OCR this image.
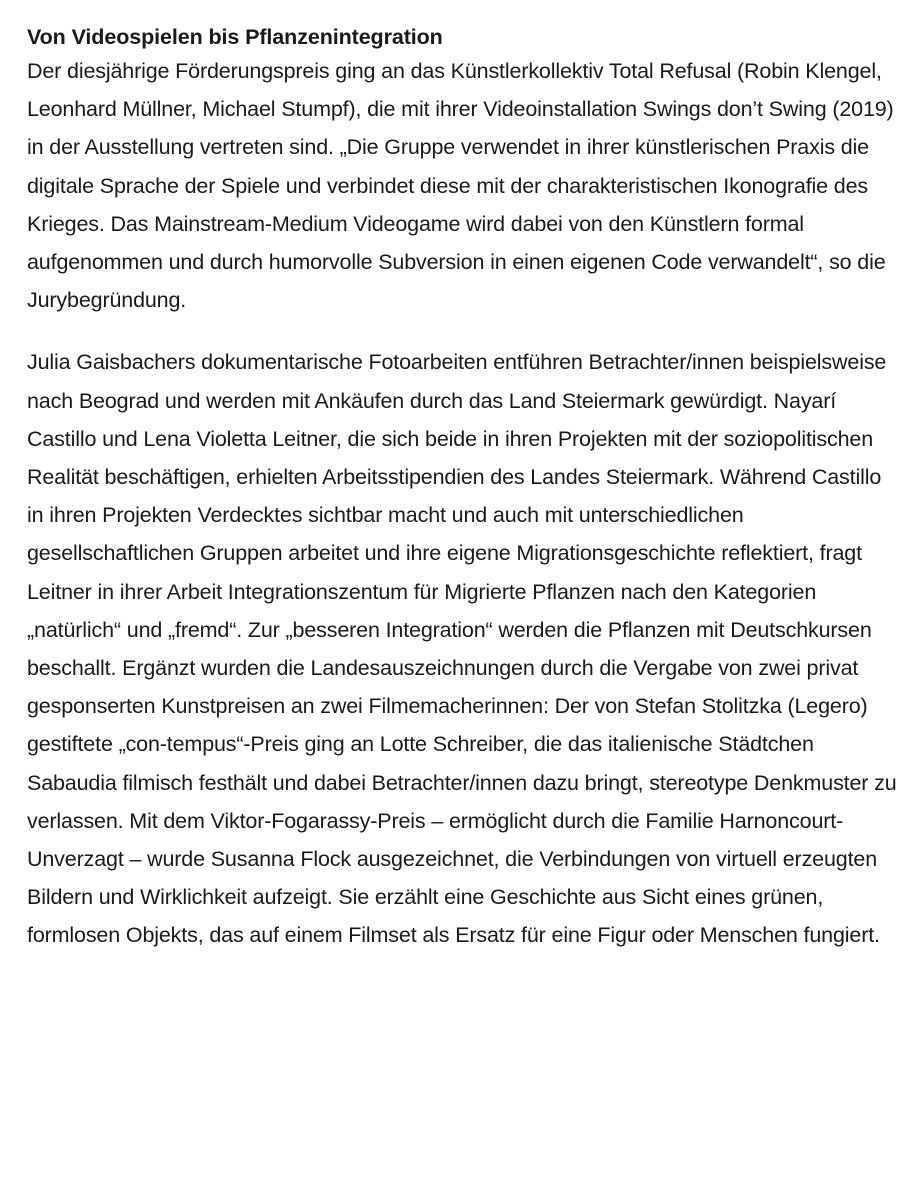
Von Videospielen bis Pflanzenintegration

Der diesjährige Förderungspreis ging an das Künstlerkollektiv Total Refusal (Robin Klengel, Leonhard Müllner, Michael Stumpf), die mit ihrer Videoinstallation Swings don’t Swing (2019) in der Ausstellung vertreten sind. „Die Gruppe verwendet in ihrer künstlerischen Praxis die digitale Sprache der Spiele und verbindet diese mit der charakteristischen Ikonografie des Krieges. Das Mainstream-Medium Videogame wird dabei von den Künstlern formal aufgenommen und durch humorvolle Subversion in einen eigenen Code verwandelt“, so die Jurybegründung.

Julia Gaisbachers dokumentarische Fotoarbeiten entführen Betrachter/innen beispielsweise nach Beograd und werden mit Ankäufen durch das Land Steiermark gewürdigt. Nayarí Castillo und Lena Violetta Leitner, die sich beide in ihren Projekten mit der soziopolitischen Realität beschäftigen, erhielten Arbeitsstipendien des Landes Steiermark. Während Castillo in ihren Projekten Verdecktes sichtbar macht und auch mit unterschiedlichen gesellschaftlichen Gruppen arbeitet und ihre eigene Migrationsgeschichte reflektiert, fragt Leitner in ihrer Arbeit Integrationszentum für Migrierte Pflanzen nach den Kategorien „natürlich“ und „fremd“. Zur „besseren Integration“ werden die Pflanzen mit Deutschkursen beschallt. Ergänzt wurden die Landesauszeichnungen durch die Vergabe von zwei privat gesponserten Kunstpreisen an zwei Filmemacherinnen: Der von Stefan Stolitzka (Legero) gestiftete „con-tempus“-Preis ging an Lotte Schreiber, die das italienische Städtchen Sabaudia filmisch festhält und dabei Betrachter/innen dazu bringt, stereotype Denkmuster zu verlassen. Mit dem Viktor-Fogarassy-Preis – ermöglicht durch die Familie Harnoncourt-Unverzagt – wurde Susanna Flock ausgezeichnet, die Verbindungen von virtuell erzeugten Bildern und Wirklichkeit aufzeigt. Sie erzählt eine Geschichte aus Sicht eines grünen, formlosen Objekts, das auf einem Filmset als Ersatz für eine Figur oder Menschen fungiert.
